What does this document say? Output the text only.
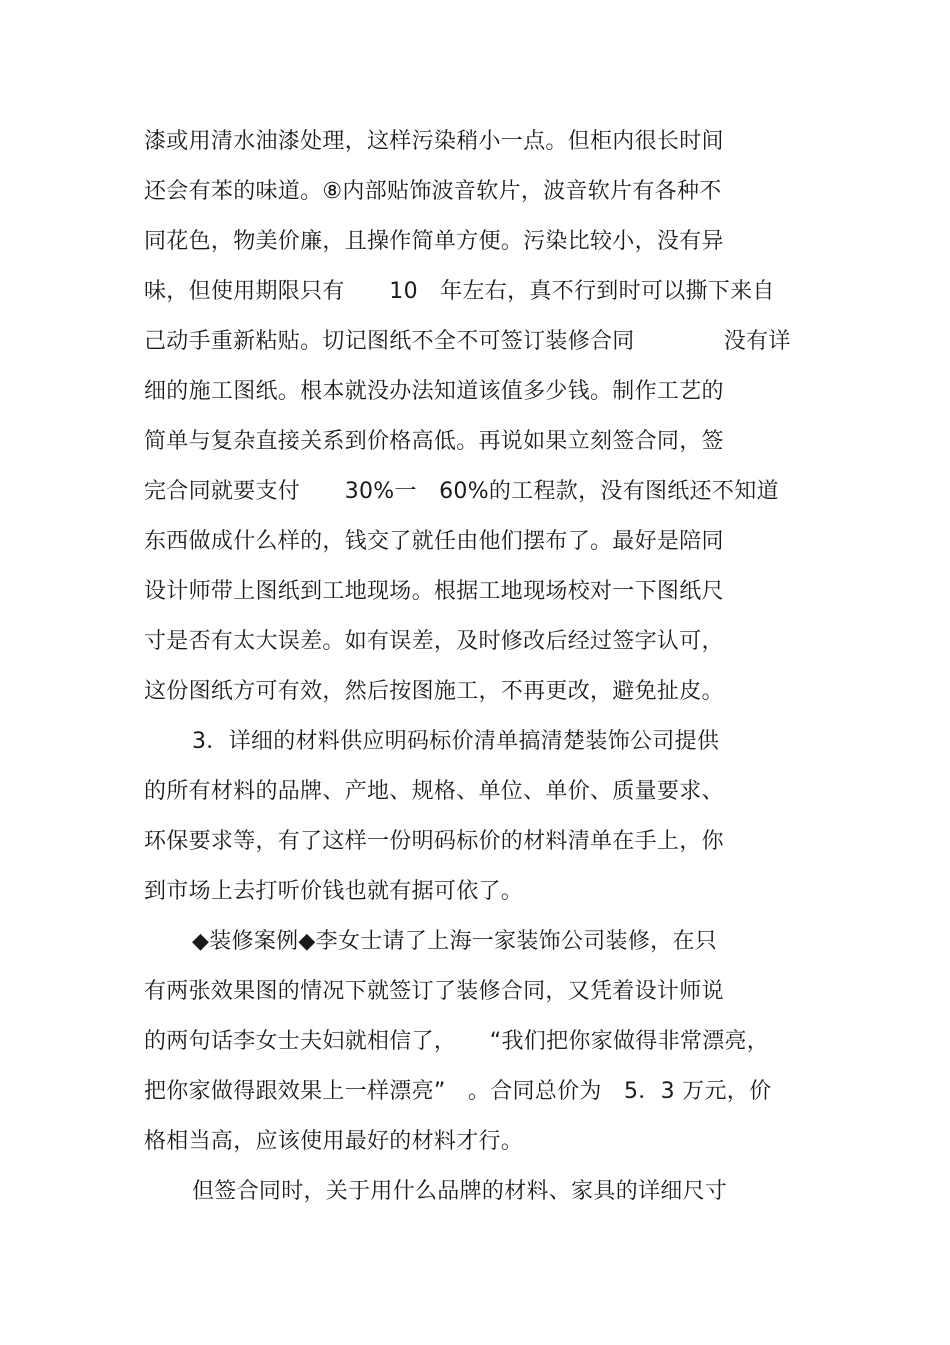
漆或用清水油漆处理，这样污染稍小一点。但柜内很长时间
还会有苯的味道。⑧内部贴饰波音软片，波音软片有各种不
同花色，物美价廉，且操作简单方便。污染比较小，没有异
味，但使用期限只有　　10　年左右，真不行到时可以撕下来自
己动手重新粘贴。切记图纸不全不可签订装修合同　　　　没有详
细的施工图纸。根本就没办法知道该值多少钱。制作工艺的
简单与复杂直接关系到价格高低。再说如果立刻签合同，签
完合同就要支付　　30%一　60%的工程款，没有图纸还不知道
东西做成什么样的，钱交了就任由他们摆布了。最好是陪同
设计师带上图纸到工地现场。根据工地现场校对一下图纸尺
寸是否有太大误差。如有误差，及时修改后经过签字认可，
这份图纸方可有效，然后按图施工，不再更改，避免扯皮。
3．详细的材料供应明码标价清单搞清楚装饰公司提供
的所有材料的品牌、产地、规格、单位、单价、质量要求、
环保要求等，有了这样一份明码标价的材料清单在手上，你
到市场上去打听价钱也就有据可依了。
◆装修案例◆李女士请了上海一家装饰公司装修，在只
有两张效果图的情况下就签订了装修合同，又凭着设计师说
的两句话李女士夫妇就相信了，　　“我们把你家做得非常漂亮，
把你家做得跟效果上一样漂亮”　。合同总价为　5．3 万元，价
格相当高，应该使用最好的材料才行。
但签合同时，关于用什么品牌的材料、家具的详细尺寸
